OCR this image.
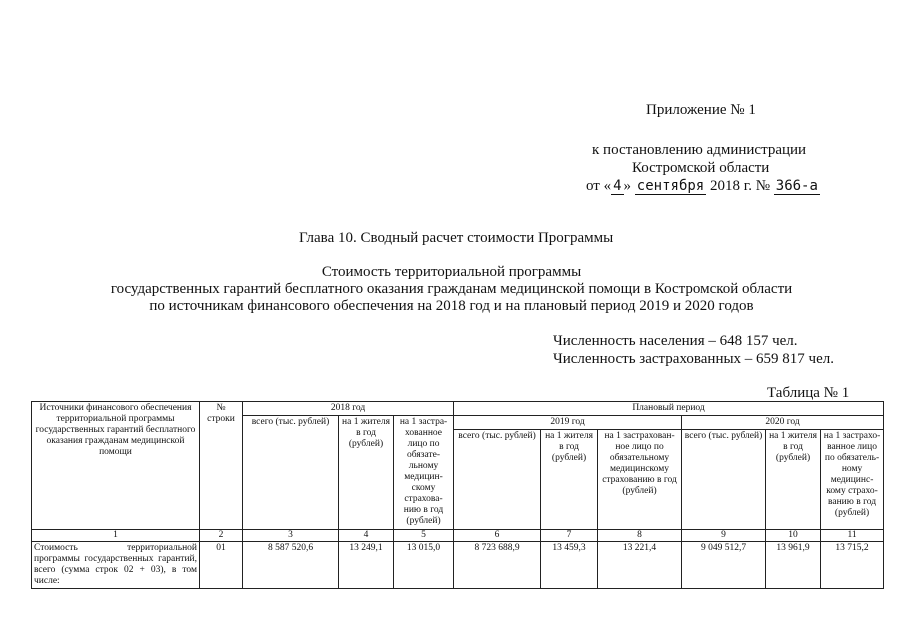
Приложение № 1
к постановлению администрации
Костромской области
от « 4 » сентября 2018 г. № 366-а
Глава 10. Сводный расчет стоимости Программы
Стоимость территориальной программы
государственных гарантий бесплатного оказания гражданам медицинской помощи в Костромской области
по источникам финансового обеспечения на 2018 год и на плановый период 2019 и 2020 годов
Численность населения – 648 157 чел.
Численность застрахованных – 659 817 чел.
Таблица № 1
Источники финансового обеспечения территориальной программы государственных гарантий бесплатного оказания гражданам медицинской помощи	№ строки	2018 год			Плановый период					
		всего (тыс. рублей)	на 1 жителя в год (рублей)	на 1 застра-хованное лицо по обязате-льному медицин-скому страхова-нию в год (рублей)	2019 год			2020 год		
					всего (тыс. рублей)	на 1 жителя в год (рублей)	на 1 застрахован-ное лицо по обязательному медицинскому страхованию в год (рублей)	всего (тыс. рублей)	на 1 жителя в год (рублей)	на 1 застрахо-ванное лицо по обязатель-ному медицинс-кому страхо-ванию в год (рублей)
1	2	3	4	5	6	7	8	9	10	11
Стоимость территориальной программы государственных гарантий, всего (сумма строк 02 + 03), в том числе:	01	8 587 520,6	13 249,1	13 015,0	8 723 688,9	13 459,3	13 221,4	9 049 512,7	13 961,9	13 715,2
